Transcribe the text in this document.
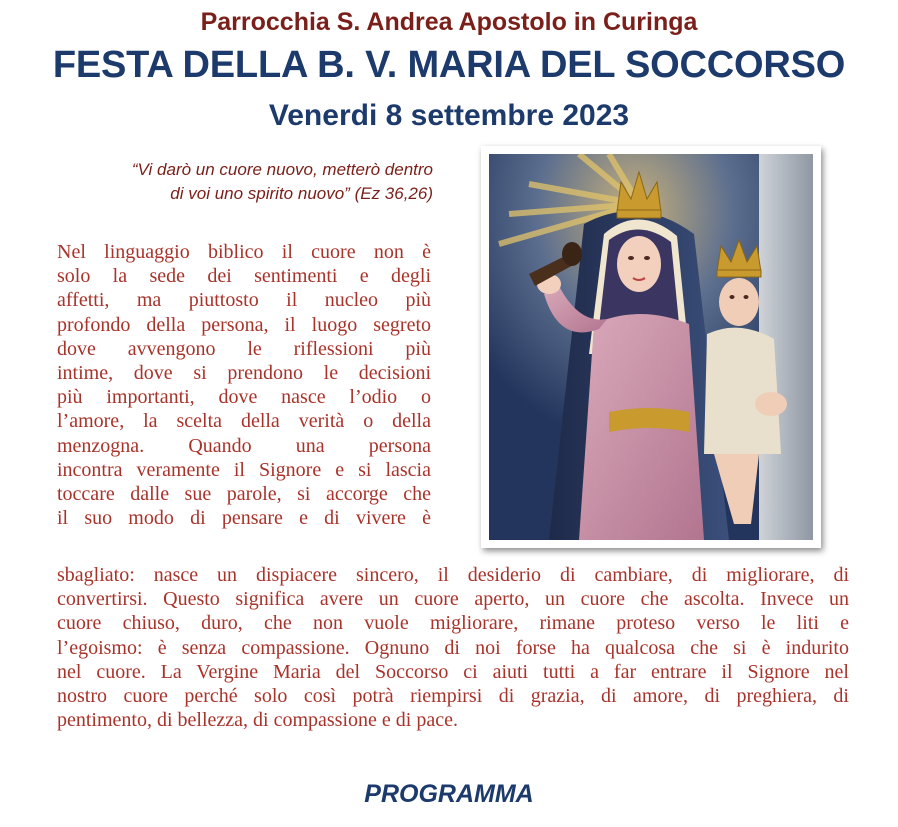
Parrocchia S. Andrea Apostolo in Curinga
FESTA DELLA B. V. MARIA DEL SOCCORSO
Venerdi 8 settembre 2023
“Vi darò un cuore nuovo, metterò dentro
di voi uno spirito nuovo” (Ez 36,26)
Nel linguaggio biblico il cuore non è
solo la sede dei sentimenti e degli
affetti, ma piuttosto il nucleo più
profondo della persona, il luogo segreto
dove avvengono le riflessioni più
intime, dove si prendono le decisioni
più importanti, dove nasce l’odio o
l’amore, la scelta della verità o della
menzogna. Quando una persona
incontra veramente il Signore e si lascia
toccare dalle sue parole, si accorge che
il suo modo di pensare e di vivere è
sbagliato: nasce un dispiacere sincero, il desiderio di cambiare, di migliorare, di
convertirsi. Questo significa avere un cuore aperto, un cuore che ascolta. Invece un
cuore chiuso, duro, che non vuole migliorare, rimane proteso verso le liti e
l’egoismo: è senza compassione. Ognuno di noi forse ha qualcosa che si è indurito
nel cuore. La Vergine Maria del Soccorso ci aiuti tutti a far entrare il Signore nel
nostro cuore perché solo così potrà riempirsi di grazia, di amore, di preghiera, di
pentimento, di bellezza, di compassione e di pace.
PROGRAMMA
